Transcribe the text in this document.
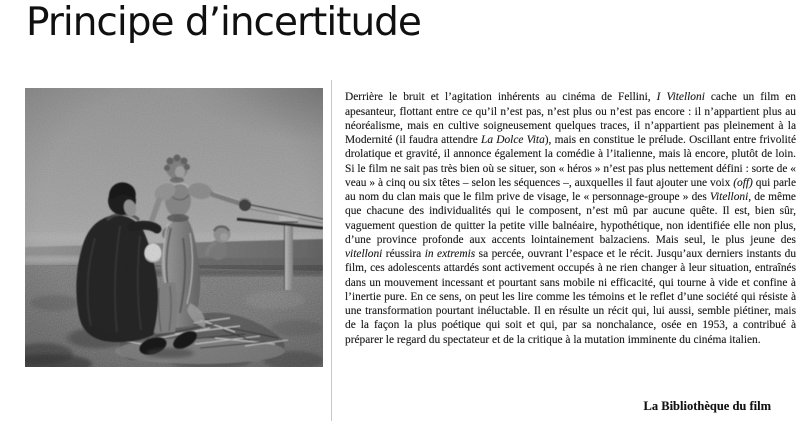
Principe d’incertitude

Derrière le bruit et l’agitation inhérents au cinéma de Fellini, I Vitelloni cache un film en apesanteur, flottant entre ce qu’il n’est pas, n’est plus ou n’est pas encore : il n’appartient plus au néoréalisme, mais en cultive soigneusement quelques traces, il n’appartient pas pleinement à la Modernité (il faudra attendre La Dolce Vita), mais en constitue le prélude. Oscillant entre frivolité drolatique et gravité, il annonce également la comédie à l’italienne, mais là encore, plutôt de loin. Si le film ne sait pas très bien où se situer, son « héros » n’est pas plus nettement défini : sorte de « veau » à cinq ou six têtes – selon les séquences –, auxquelles il faut ajouter une voix (off) qui parle au nom du clan mais que le film prive de visage, le « personnage-groupe » des Vitelloni, de même que chacune des individualités qui le composent, n’est mû par aucune quête. Il est, bien sûr, vaguement question de quitter la petite ville balnéaire, hypothétique, non identifiée elle non plus, d’une province profonde aux accents lointainement balzaciens. Mais seul, le plus jeune des vitelloni réussira in extremis sa percée, ouvrant l’espace et le récit. Jusqu’aux derniers instants du film, ces adolescents attardés sont activement occupés à ne rien changer à leur situation, entraînés dans un mouvement incessant et pourtant sans mobile ni efficacité, qui tourne à vide et confine à l’inertie pure. En ce sens, on peut les lire comme les témoins et le reflet d’une société qui résiste à une transformation pourtant inéluctable. Il en résulte un récit qui, lui aussi, semble piétiner, mais de la façon la plus poétique qui soit et qui, par sa nonchalance, osée en 1953, a contribué à préparer le regard du spectateur et de la critique à la mutation imminente du cinéma italien.

La Bibliothèque du film
